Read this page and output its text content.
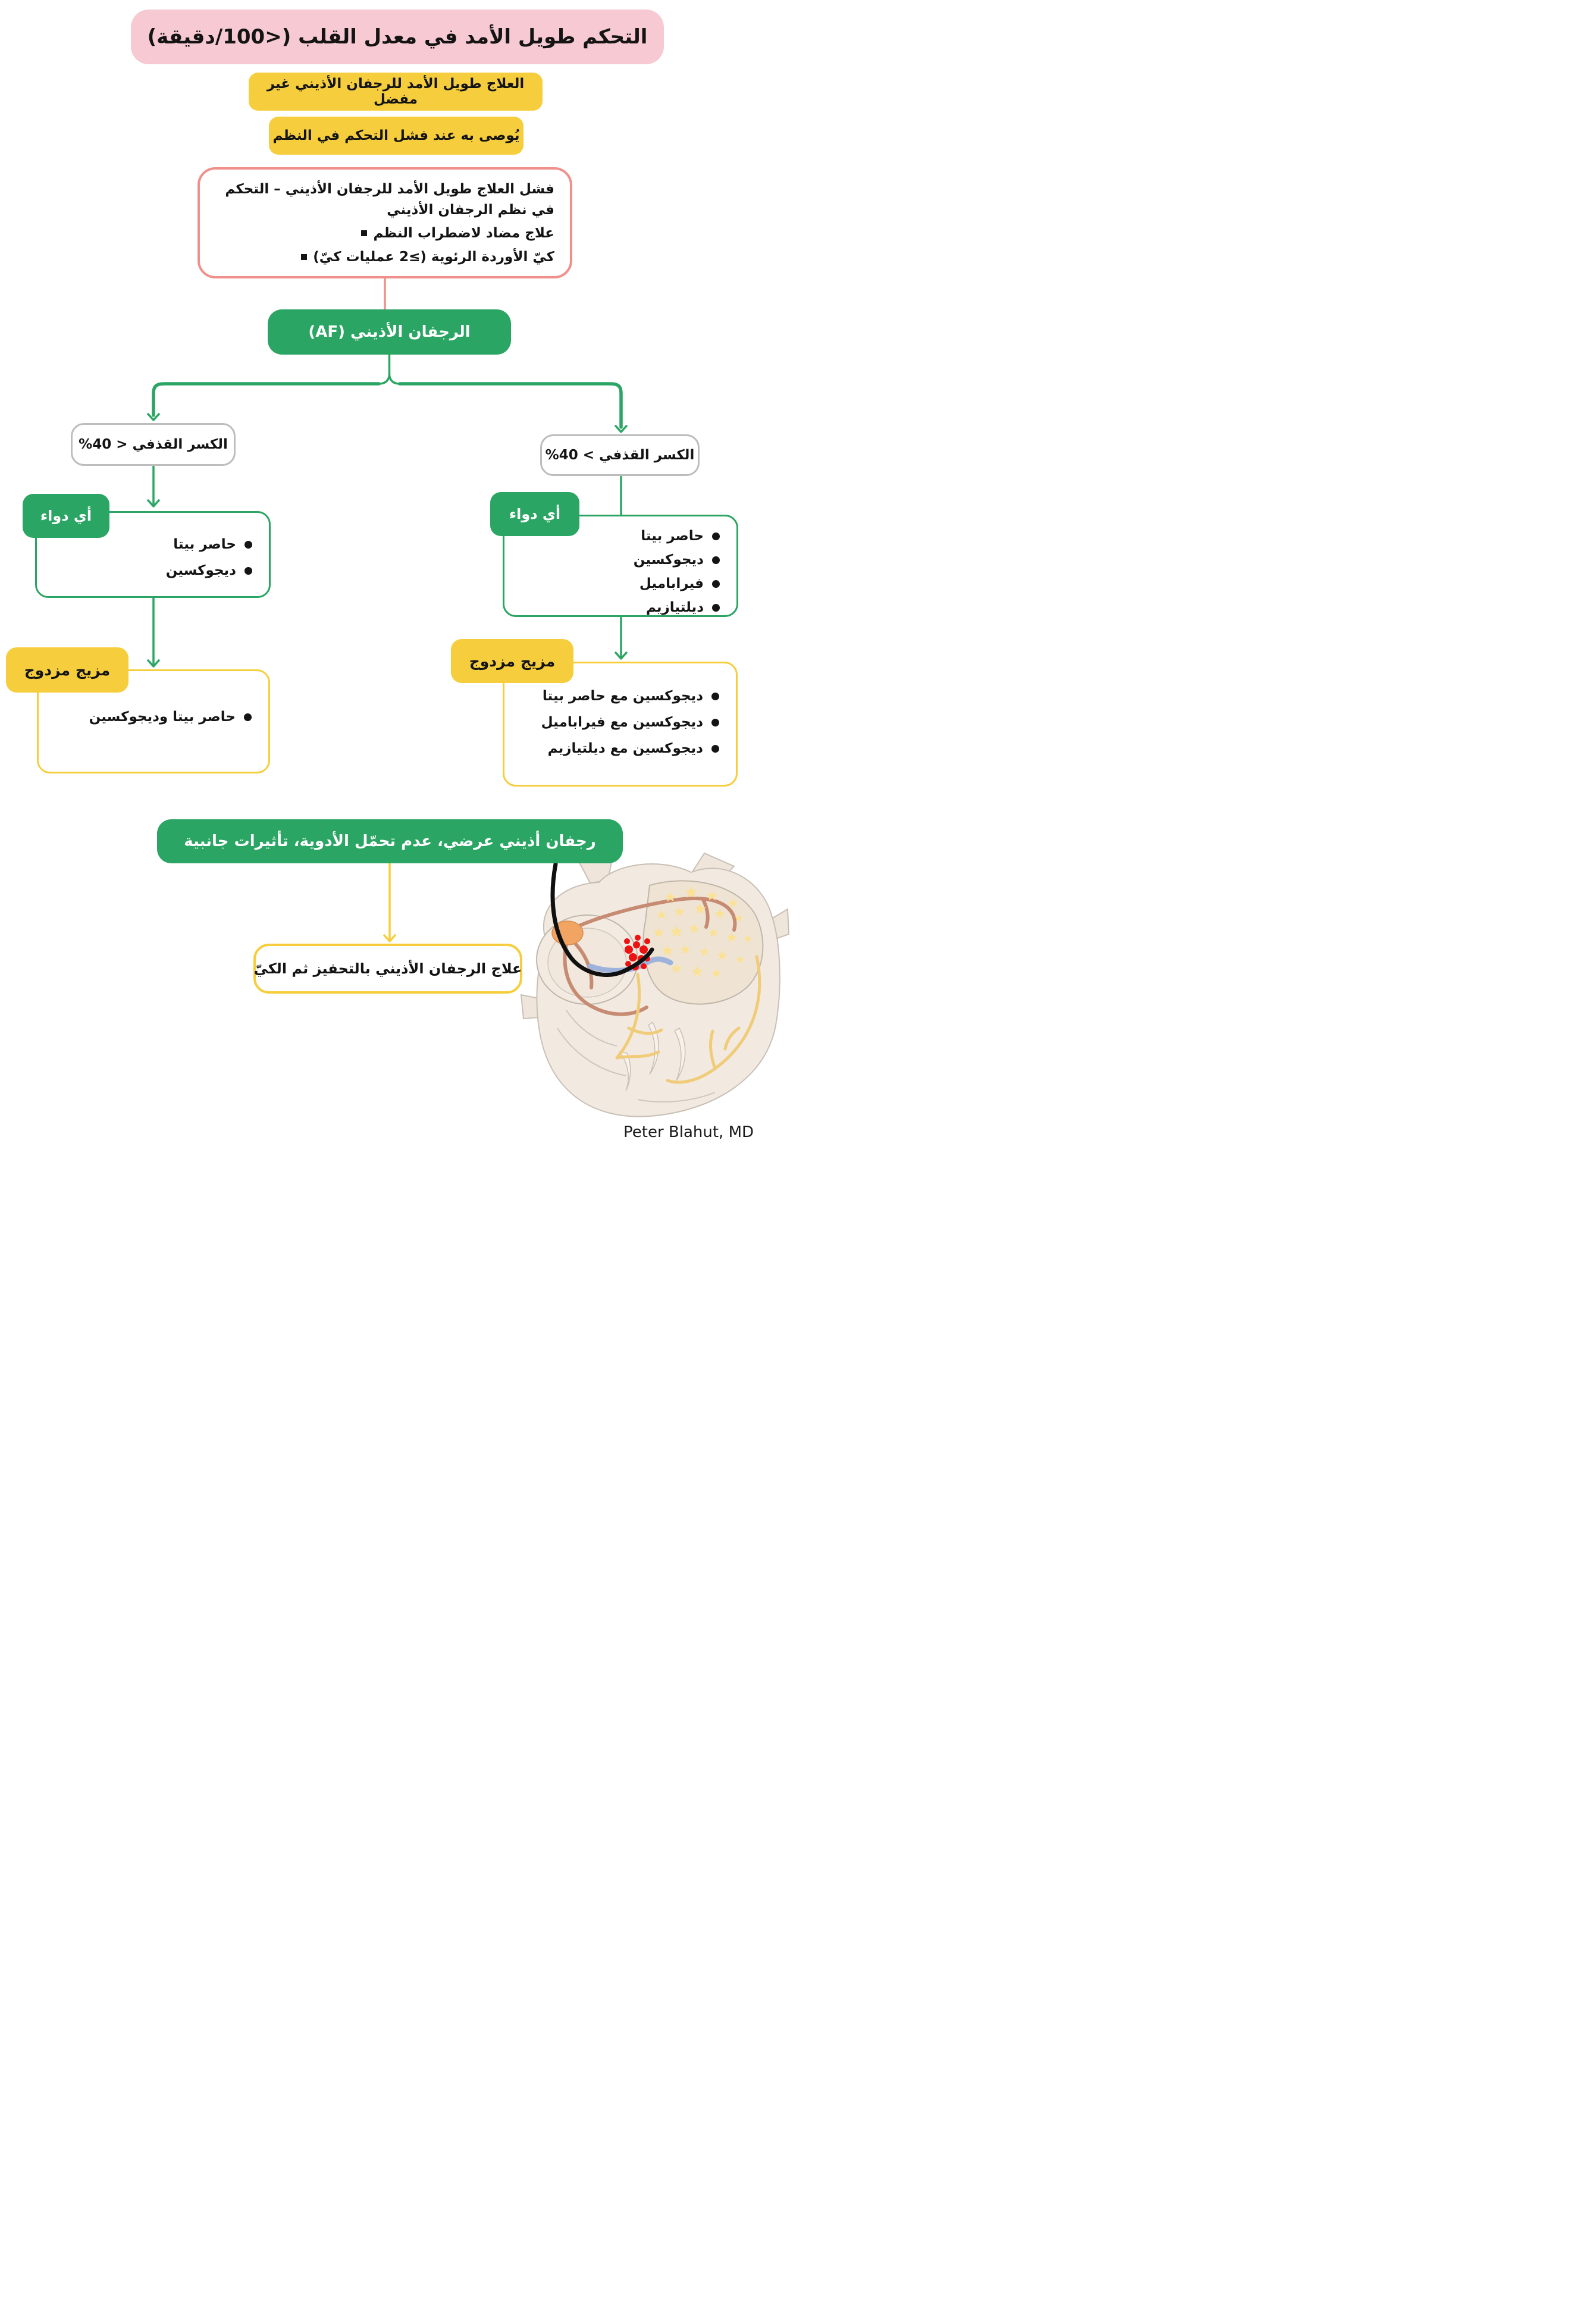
التحكم طويل الأمد في معدل القلب (<100/دقيقة)
العلاج طويل الأمد للرجفان الأذيني غير مفضل
يُوصى به عند فشل التحكم في النظم
فشل العلاج طويل الأمد للرجفان الأذيني – التحكم في نظم الرجفان الأذيني
علاج مضاد لاضطراب النظم
كيّ الأوردة الرئوية (≥2 عمليات كيّ)
الرجفان الأذيني (AF)
الكسر القذفي < 40%
الكسر القذفي > 40%
أي دواء
حاصر بيتا
ديجوكسين
مزيج مزدوج
حاصر بيتا وديجوكسين
أي دواء
حاصر بيتا
ديجوكسين
فيراباميل
ديلتيازيم
مزيج مزدوج
ديجوكسين مع حاصر بيتا
ديجوكسين مع فيراباميل
ديجوكسين مع ديلتيازيم
رجفان أذيني عرضي، عدم تحمّل الأدوية، تأثيرات جانبية
علاج الرجفان الأذيني بالتحفيز ثم الكيّ
Peter Blahut, MD
